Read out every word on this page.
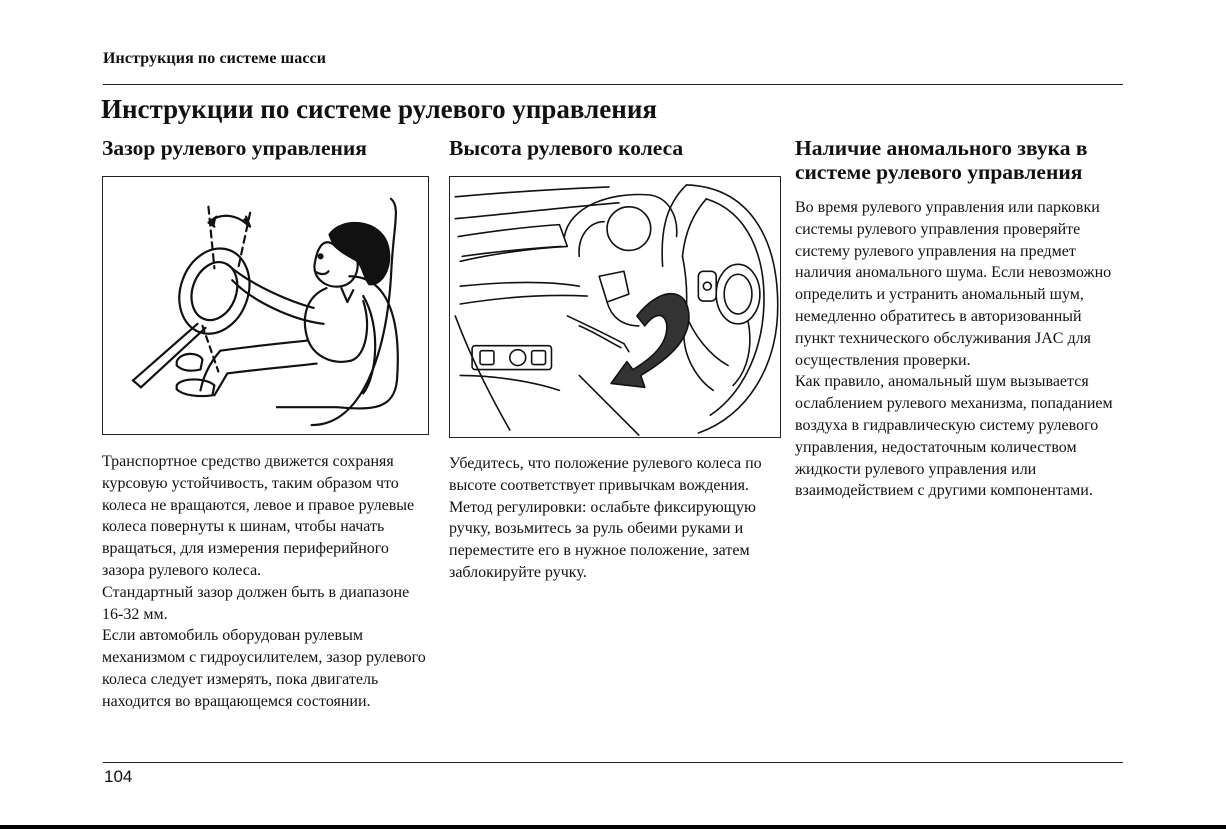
Инструкция по системе шасси
Инструкции по системе рулевого управления
Зазор рулевого управления
Транспортное средство движется сохраняя курсовую устойчивость, таким образом что колеса не вращаются, левое и правое рулевые колеса повернуты к шинам, чтобы начать вращаться, для измерения периферийного зазора рулевого колеса.
Стандартный зазор должен быть в диапазоне 16-32 мм.
Если автомобиль оборудован рулевым механизмом с гидроусилителем, зазор рулевого колеса следует измерять, пока двигатель находится во вращающемся состоянии.
Высота рулевого колеса
Убедитесь, что положение рулевого колеса по высоте соответствует привычкам вождения.
Метод регулировки: ослабьте фиксирующую ручку, возьмитесь за руль обеими руками и переместите его в нужное положение, затем заблокируйте ручку.
Наличие аномального звука в системе рулевого управления
Во время рулевого управления или парковки системы рулевого управления проверяйте систему рулевого управления на предмет наличия аномального шума. Если невозможно определить и устранить аномальный шум, немедленно обратитесь в авторизованный пункт технического обслуживания JAC для осуществления проверки.
Как правило, аномальный шум вызывается ослаблением рулевого механизма, попаданием воздуха в гидравлическую систему рулевого управления, недостаточным количеством жидкости рулевого управления или взаимодействием с другими компонентами.
104
